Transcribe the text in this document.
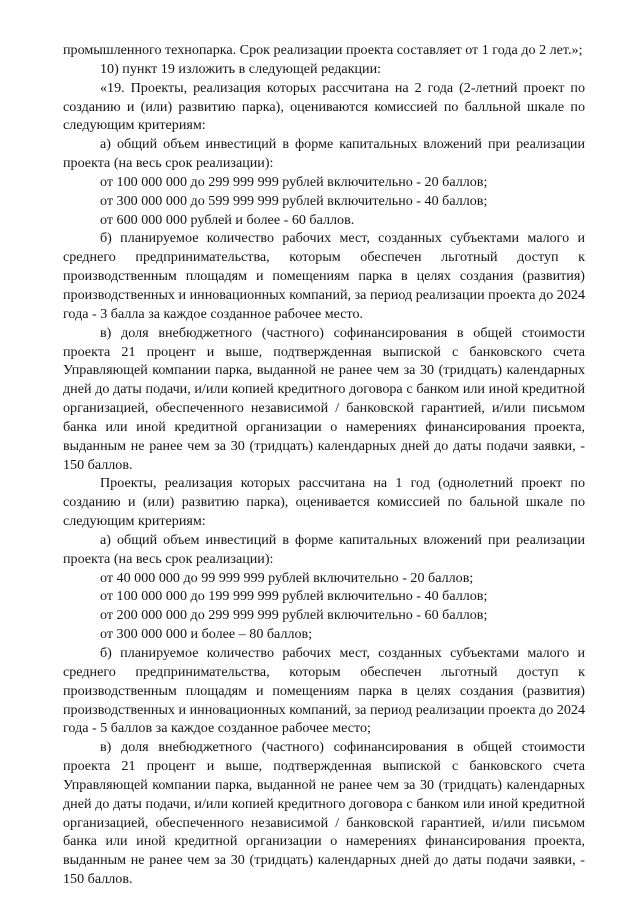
промышленного технопарка. Срок реализации проекта составляет от 1 года до 2 лет.»;

10) пункт 19 изложить в следующей редакции:

«19. Проекты, реализация которых рассчитана на 2 года (2-летний проект по созданию и (или) развитию парка), оцениваются комиссией по балльной шкале по следующим критериям:

а) общий объем инвестиций в форме капитальных вложений при реализации проекта (на весь срок реализации):

от 100 000 000 до 299 999 999 рублей включительно - 20 баллов;

от 300 000 000 до 599 999 999 рублей включительно - 40 баллов;

от 600 000 000 рублей и более - 60 баллов.

б) планируемое количество рабочих мест, созданных субъектами малого и среднего предпринимательства, которым обеспечен льготный доступ к производственным площадям и помещениям парка в целях создания (развития) производственных и инновационных компаний, за период реализации проекта до 2024 года - 3 балла за каждое созданное рабочее место.

в) доля внебюджетного (частного) софинансирования в общей стоимости проекта 21 процент и выше, подтвержденная выпиской с банковского счета Управляющей компании парка, выданной не ранее чем за 30 (тридцать) календарных дней до даты подачи, и/или копией кредитного договора с банком или иной кредитной организацией, обеспеченного независимой / банковской гарантией, и/или письмом банка или иной кредитной организации о намерениях финансирования проекта, выданным не ранее чем за 30 (тридцать) календарных дней до даты подачи заявки, - 150 баллов.

Проекты, реализация которых рассчитана на 1 год (однолетний проект по созданию и (или) развитию парка), оценивается комиссией по бальной шкале по следующим критериям:

а) общий объем инвестиций в форме капитальных вложений при реализации проекта (на весь срок реализации):

от 40 000 000 до 99 999 999 рублей включительно - 20 баллов;

от 100 000 000 до 199 999 999 рублей включительно - 40 баллов;

от 200 000 000 до 299 999 999 рублей включительно - 60 баллов;

от 300 000 000 и более – 80 баллов;

б) планируемое количество рабочих мест, созданных субъектами малого и среднего предпринимательства, которым обеспечен льготный доступ к производственным площадям и помещениям парка в целях создания (развития) производственных и инновационных компаний, за период реализации проекта до 2024 года - 5 баллов за каждое созданное рабочее место;

в) доля внебюджетного (частного) софинансирования в общей стоимости проекта 21 процент и выше, подтвержденная выпиской с банковского счета Управляющей компании парка, выданной не ранее чем за 30 (тридцать) календарных дней до даты подачи, и/или копией кредитного договора с банком или иной кредитной организацией, обеспеченного независимой / банковской гарантией, и/или письмом банка или иной кредитной организации о намерениях финансирования проекта, выданным не ранее чем за 30 (тридцать) календарных дней до даты подачи заявки, - 150 баллов.
